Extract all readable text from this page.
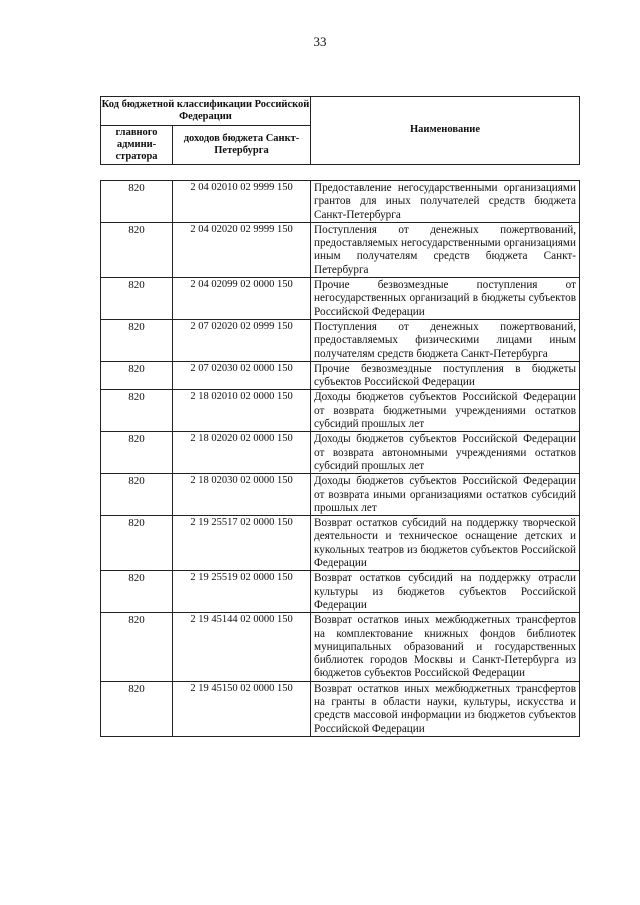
33
Код бюджетной классификации Российской Федерации		Наименование
главного админи-стратора	доходов бюджета Санкт-Петербурга	
820	2 04 02010 02 9999 150	Предоставление негосударственными организациями грантов для иных получателей средств бюджета Санкт-Петербурга
820	2 04 02020 02 9999 150	Поступления от денежных пожертвований, предоставляемых негосударственными организациями иным получателям средств бюджета Санкт-Петербурга
820	2 04 02099 02 0000 150	Прочие безвозмездные поступления от негосударственных организаций в бюджеты субъектов Российской Федерации
820	2 07 02020 02 0999 150	Поступления от денежных пожертвований, предоставляемых физическими лицами иным получателям средств бюджета Санкт-Петербурга
820	2 07 02030 02 0000 150	Прочие безвозмездные поступления в бюджеты субъектов Российской Федерации
820	2 18 02010 02 0000 150	Доходы бюджетов субъектов Российской Федерации от возврата бюджетными учреждениями остатков субсидий прошлых лет
820	2 18 02020 02 0000 150	Доходы бюджетов субъектов Российской Федерации от возврата автономными учреждениями остатков субсидий прошлых лет
820	2 18 02030 02 0000 150	Доходы бюджетов субъектов Российской Федерации от возврата иными организациями остатков субсидий прошлых лет
820	2 19 25517 02 0000 150	Возврат остатков субсидий на поддержку творческой деятельности и техническое оснащение детских и кукольных театров из бюджетов субъектов Российской Федерации
820	2 19 25519 02 0000 150	Возврат остатков субсидий на поддержку отрасли культуры из бюджетов субъектов Российской Федерации
820	2 19 45144 02 0000 150	Возврат остатков иных межбюджетных трансфертов на комплектование книжных фондов библиотек муниципальных образований и государственных библиотек городов Москвы и Санкт-Петербурга из бюджетов субъектов Российской Федерации
820	2 19 45150 02 0000 150	Возврат остатков иных межбюджетных трансфертов на гранты в области науки, культуры, искусства и средств массовой информации из бюджетов субъектов Российской Федерации
